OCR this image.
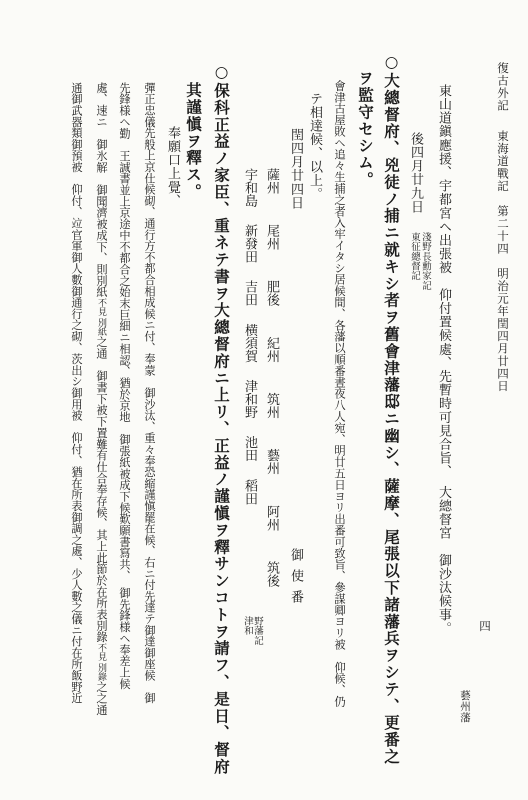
復古外記
東海道戰記　第二十四　明治元年閏四月廿四日
四
藝州藩
東山道鎭應援、宇都宮ヘ出張被　仰付置候處、先暫時可見合旨、　大總督宮　御沙汰候事。
後四月廿九日
東征總督記 淺野長勳家記
○大總督府、兇徒ノ捕ニ就キシ者ヲ舊會津藩邸ニ幽シ、薩摩、尾張以下諸藩兵ヲシテ、更番之
ヲ監守セシム。
會津古屋敗ヘ追々生捕之者入牢イタシ居候間、各藩以順番晝夜八人宛、明廿五日ヨリ出番可致旨、參謀卿ヨリ被　仰候、仍
テ相達候、以上。
閏四月廿四日
御使番
薩州　　 尾州　　 肥後　　 紀州　　 筑州　　 藝州　　 阿州　　 筑後
宇和島　 新發田　 吉田　 横須賀　 津和野　 池田　 稻田
津和 野藩記
○保科正益ノ家臣、重ネテ書ヲ大總督府ニ上リ、正益ノ謹愼ヲ釋サンコトヲ請フ、是日、督府
其謹愼ヲ釋ス。
奉願口上覺、
彈正忠儀先般上京仕候砌、通行方不都合相成候ニ付、奉蒙　御沙汰、重々奉恐縮謹愼罷在候、右ニ付先達テ御達御座候　御
先鋒様ヘ勤　王誠書並上京途中不都合之始末巨細ニ相認、猶於京地　御張紙被成下候歎願書寫共、　御先鋒様ヘ奉差上候
處、速ニ　御氷解　御聞濟被成下、則別紙
別紙
不見
之通　御書下被下置難有仕合奉存候、其上此節於在所表別錄
別錄
不見
之之通
通御武器類御預被　仰付、竝官軍御人數御通行之砌、茨出シ御用被　仰付、猶在所表御調之處、少人數之儀ニ付在所飯野近
